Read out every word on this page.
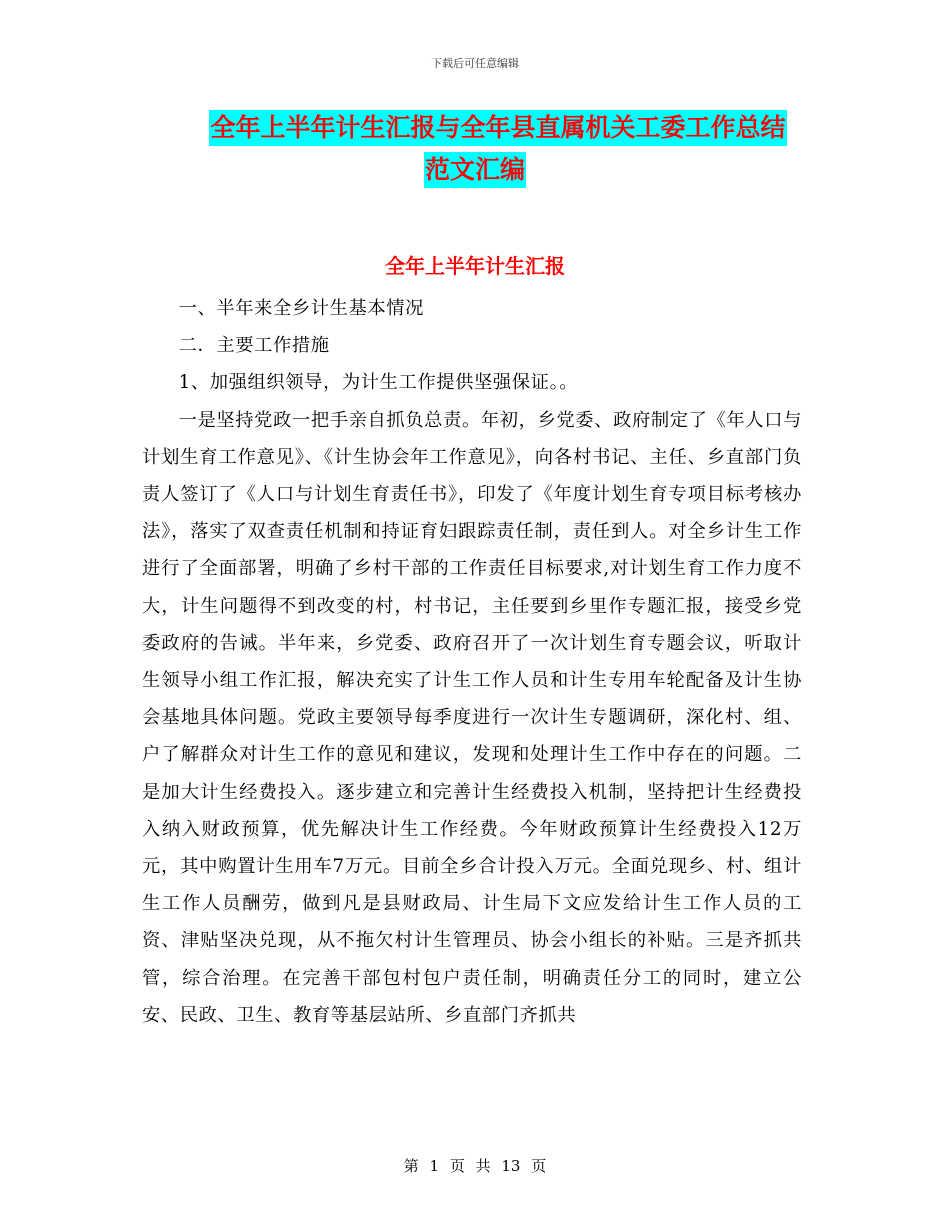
下载后可任意编辑
全年上半年计生汇报与全年县直属机关工委工作总结
范文汇编
全年上半年计生汇报

一、半年来全乡计生基本情况

二．主要工作措施

1、加强组织领导，为计生工作提供坚强保证。。

一是坚持党政一把手亲自抓负总责。年初，乡党委、政府制定了《年人口与计划生育工作意见》、《计生协会年工作意见》，向各村书记、主任、乡直部门负责人签订了《人口与计划生育责任书》，印发了《年度计划生育专项目标考核办法》，落实了双查责任机制和持证育妇跟踪责任制，责任到人。对全乡计生工作进行了全面部署，明确了乡村干部的工作责任目标要求,对计划生育工作力度不大，计生问题得不到改变的村，村书记，主任要到乡里作专题汇报，接受乡党委政府的告诫。半年来，乡党委、政府召开了一次计划生育专题会议，听取计生领导小组工作汇报，解决充实了计生工作人员和计生专用车轮配备及计生协会基地具体问题。党政主要领导每季度进行一次计生专题调研，深化村、组、户了解群众对计生工作的意见和建议，发现和处理计生工作中存在的问题。二是加大计生经费投入。逐步建立和完善计生经费投入机制，坚持把计生经费投入纳入财政预算，优先解决计生工作经费。今年财政预算计生经费投入12万元，其中购置计生用车7万元。目前全乡合计投入万元。全面兑现乡、村、组计生工作人员酬劳，做到凡是县财政局、计生局下文应发给计生工作人员的工资、津贴坚决兑现，从不拖欠村计生管理员、协会小组长的补贴。三是齐抓共管，综合治理。在完善干部包村包户责任制，明确责任分工的同时，建立公安、民政、卫生、教育等基层站所、乡直部门齐抓共

第 1 页 共 13 页
